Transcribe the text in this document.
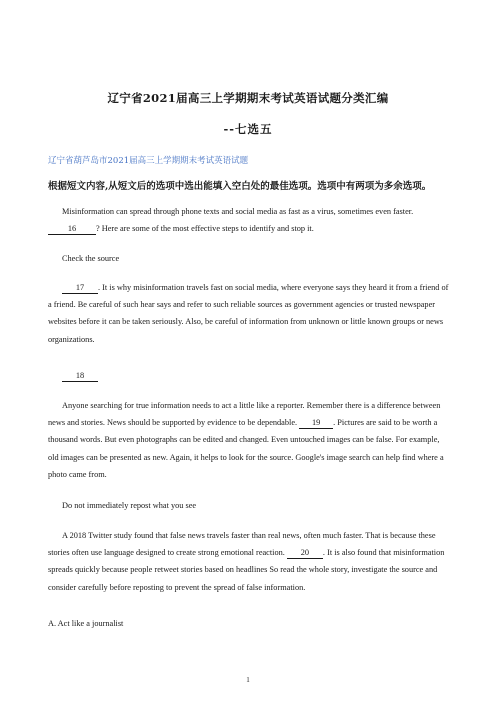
辽宁省2021届高三上学期期末考试英语试题分类汇编
--七选五
辽宁省葫芦岛市2021届高三上学期期末考试英语试题
根据短文内容,从短文后的选项中选出能填入空白处的最佳选项。选项中有两项为多余选项。
Misinformation can spread through phone texts and social media as fast as a virus, sometimes even faster.
16 ? Here are some of the most effective steps to identify and stop it.
Check the source
17 . It is why misinformation travels fast on social media, where everyone says they heard it from a friend of a friend. Be careful of such hear says and refer to such reliable sources as government agencies or trusted newspaper websites before it can be taken seriously. Also, be careful of information from unknown or little known groups or news organizations.
18
Anyone searching for true information needs to act a little like a reporter. Remember there is a difference between news and stories. News should be supported by evidence to be dependable. 19 . Pictures are said to be worth a thousand words. But even photographs can be edited and changed. Even untouched images can be false. For example, old images can be presented as new. Again, it helps to look for the source. Google's image search can help find where a photo came from.
Do not immediately repost what you see
A 2018 Twitter study found that false news travels faster than real news, often much faster. That is because these stories often use language designed to create strong emotional reaction. 20 . It is also found that misinformation spreads quickly because people retweet stories based on headlines So read the whole story, investigate the source and consider carefully before reposting to prevent the spread of false information.
A. Act like a journalist
1
